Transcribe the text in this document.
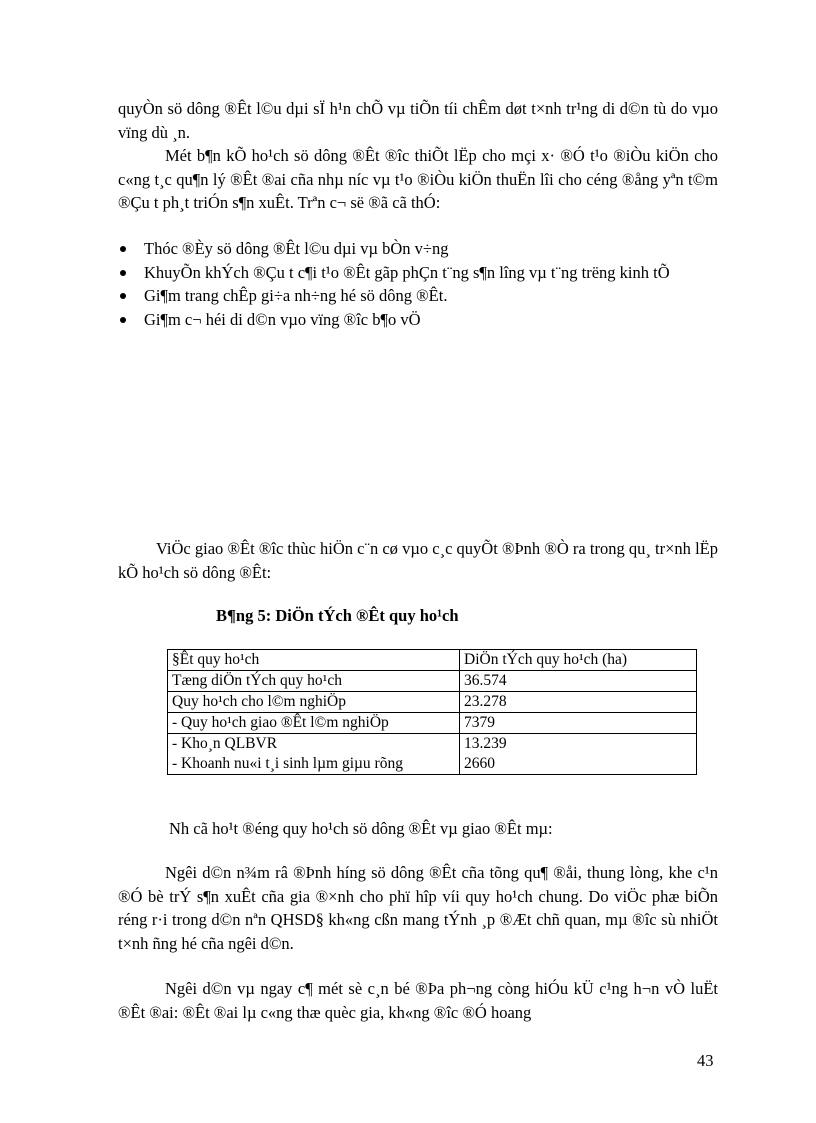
quyÒn sö dông ®Êt l©u dµi sÏ h¹n chÕ vµ tiÕn tíi chÊm døt t×nh tr¹ng di d©n tù do vµo vïng dù ¸n.

Mét b¶n kÕ ho¹ch sö dông ®Êt ®îc thiÕt lËp cho mçi x· ®Ó t¹o ®iÒu kiÖn cho c«ng t¸c qu¶n lý ®Êt ®ai cña nhµ níc vµ t¹o ®iÒu kiÖn thuËn lîi cho céng ®ång yªn t©m ®Çu t ph¸t triÓn s¶n xuÊt. Trªn c¬ së ®ã cã thÓ:

Thóc ®Èy sö dông ®Êt l©u dµi vµ bÒn v÷ng
KhuyÕn khÝch ®Çu t c¶i t¹o ®Êt gãp phÇn t¨ng s¶n lîng vµ t¨ng trëng kinh tÕ
Gi¶m trang chÊp gi÷a nh÷ng hé sö dông ®Êt.
Gi¶m c¬ héi di d©n vµo vïng ®îc b¶o vÖ

ViÖc giao ®Êt ®îc thùc hiÖn c¨n cø vµo c¸c quyÕt ®Þnh ®Ò ra trong qu¸ tr×nh lËp kÕ ho¹ch sö dông ®Êt:

B¶ng 5: DiÖn tÝch ®Êt quy ho¹ch
§Êt quy ho¹ch	DiÖn tÝch quy ho¹ch (ha)
Tæng diÖn tÝch quy ho¹ch	36.574
Quy ho¹ch cho l©m nghiÖp	23.278
- Quy ho¹ch giao ®Êt l©m nghiÖp	7379
- Kho¸n QLBVR	13.239
- Khoanh nu«i t¸i sinh lµm giµu rõng	2660

Nh cã ho¹t ®éng quy ho¹ch sö dông ®Êt vµ giao ®Êt mµ:

Ngêi d©n n¾m râ ®Þnh híng sö dông ®Êt cña tõng qu¶ ®åi, thung lòng, khe c¹n ®Ó bè trÝ s¶n xuÊt cña gia ®×nh cho phï hîp víi quy ho¹ch chung. Do viÖc phæ biÕn réng r·i trong d©n nªn QHSD§ kh«ng cßn mang tÝnh ¸p ®Æt chñ quan, mµ ®îc sù nhiÖt t×nh ñng hé cña ngêi d©n.

Ngêi d©n vµ ngay c¶ mét sè c¸n bé ®Þa ph¬ng còng hiÓu kÜ c¹ng h¬n vÒ luËt ®Êt ®ai: ®Êt ®ai lµ c«ng thæ quèc gia, kh«ng ®îc ®Ó hoang

43
